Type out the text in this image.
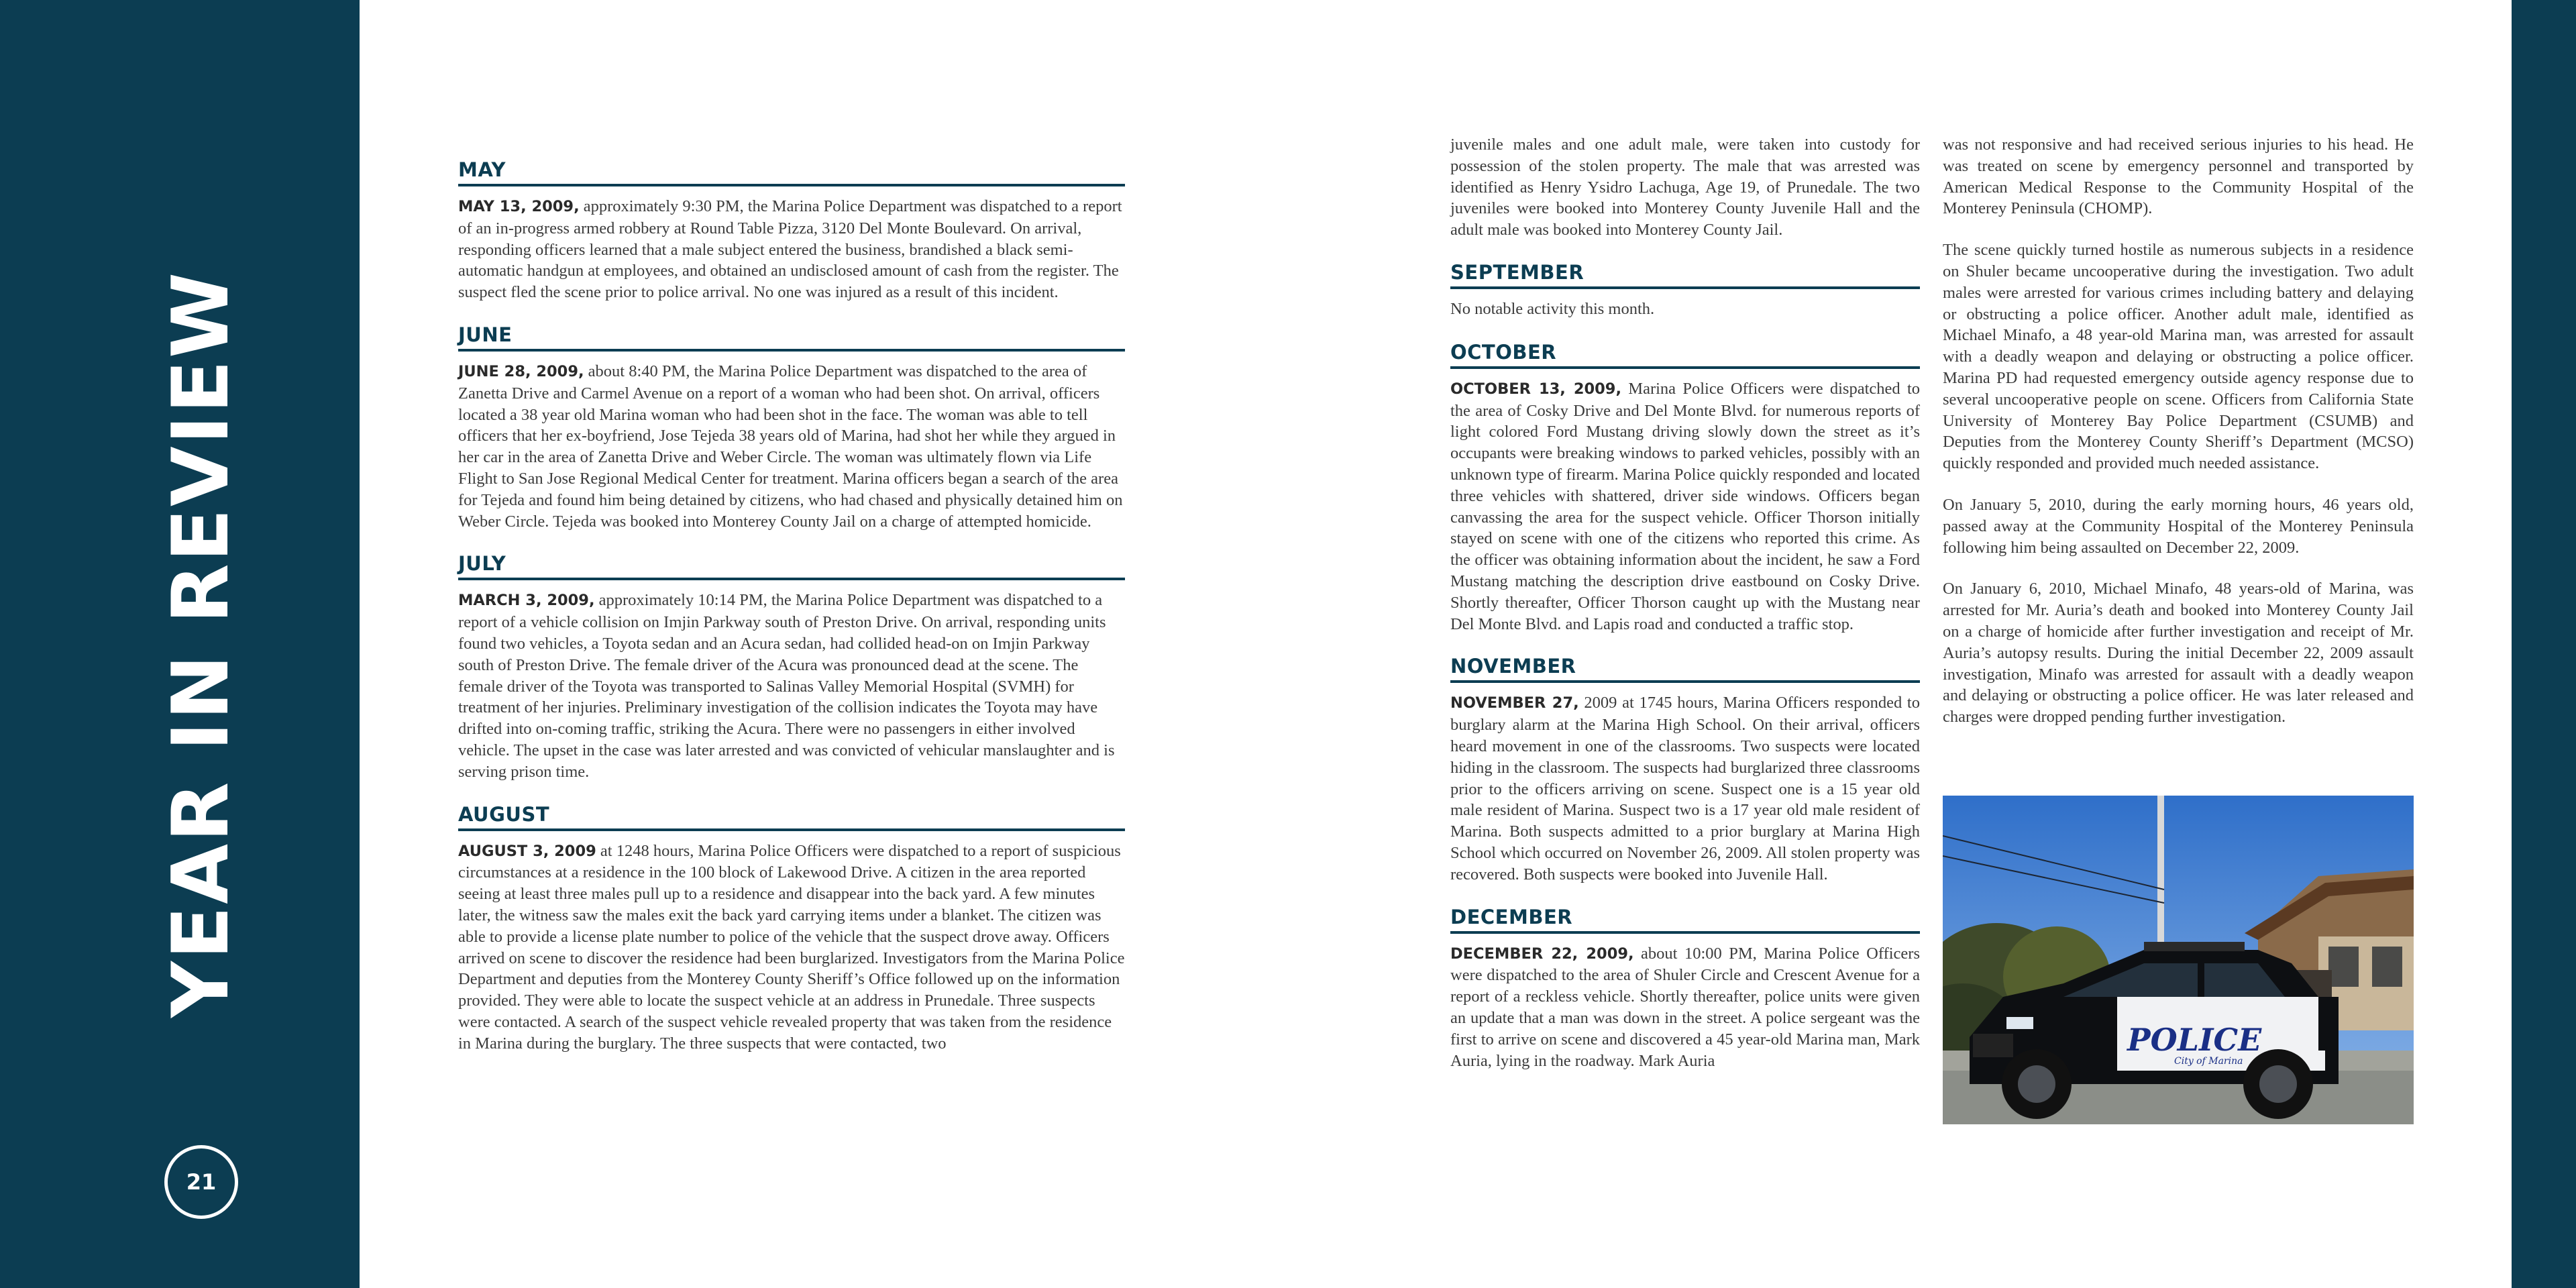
YEAR IN REVIEW
21
MAY

MAY 13, 2009, approximately 9:30 PM, the Marina Police Department was dispatched to a report of an in-progress armed robbery at Round Table Pizza, 3120 Del Monte Boulevard. On arrival, responding officers learned that a male subject entered the business, brandished a black semi-automatic handgun at employees, and obtained an undisclosed amount of cash from the register. The suspect fled the scene prior to police arrival. No one was injured as a result of this incident.

JUNE

JUNE 28, 2009, about 8:40 PM, the Marina Police Department was dispatched to the area of Zanetta Drive and Carmel Avenue on a report of a woman who had been shot. On arrival, officers located a 38 year old Marina woman who had been shot in the face. The woman was able to tell officers that her ex-boyfriend, Jose Tejeda 38 years old of Marina, had shot her while they argued in her car in the area of Zanetta Drive and Weber Circle. The woman was ultimately flown via Life Flight to San Jose Regional Medical Center for treatment. Marina officers began a search of the area for Tejeda and found him being detained by citizens, who had chased and physically detained him on Weber Circle. Tejeda was booked into Monterey County Jail on a charge of attempted homicide.

JULY

MARCH 3, 2009, approximately 10:14 PM, the Marina Police Department was dispatched to a report of a vehicle collision on Imjin Parkway south of Preston Drive. On arrival, responding units found two vehicles, a Toyota sedan and an Acura sedan, had collided head-on on Imjin Parkway south of Preston Drive. The female driver of the Acura was pronounced dead at the scene. The female driver of the Toyota was transported to Salinas Valley Memorial Hospital (SVMH) for treatment of her injuries. Preliminary investigation of the collision indicates the Toyota may have drifted into on-coming traffic, striking the Acura. There were no passengers in either involved vehicle. The upset in the case was later arrested and was convicted of vehicular manslaughter and is serving prison time.

AUGUST

AUGUST 3, 2009 at 1248 hours, Marina Police Officers were dispatched to a report of suspicious circumstances at a residence in the 100 block of Lakewood Drive. A citizen in the area reported seeing at least three males pull up to a residence and disappear into the back yard. A few minutes later, the witness saw the males exit the back yard carrying items under a blanket. The citizen was able to provide a license plate number to police of the vehicle that the suspect drove away. Officers arrived on scene to discover the residence had been burglarized. Investigators from the Marina Police Department and deputies from the Monterey County Sheriff’s Office followed up on the information provided. They were able to locate the suspect vehicle at an address in Prunedale. Three suspects were contacted. A search of the suspect vehicle revealed property that was taken from the residence in Marina during the burglary. The three suspects that were contacted, two

juvenile males and one adult male, were taken into custody for possession of the stolen property. The male that was arrested was identified as Henry Ysidro Lachuga, Age 19, of Prunedale. The two juveniles were booked into Monterey County Juvenile Hall and the adult male was booked into Monterey County Jail.

SEPTEMBER

No notable activity this month.

OCTOBER

OCTOBER 13, 2009, Marina Police Officers were dispatched to the area of Cosky Drive and Del Monte Blvd. for numerous reports of light colored Ford Mustang driving slowly down the street as it’s occupants were breaking windows to parked vehicles, possibly with an unknown type of firearm. Marina Police quickly responded and located three vehicles with shattered, driver side windows. Officers began canvassing the area for the suspect vehicle. Officer Thorson initially stayed on scene with one of the citizens who reported this crime. As the officer was obtaining information about the incident, he saw a Ford Mustang matching the description drive eastbound on Cosky Drive. Shortly thereafter, Officer Thorson caught up with the Mustang near Del Monte Blvd. and Lapis road and conducted a traffic stop.

NOVEMBER

NOVEMBER 27, 2009 at 1745 hours, Marina Officers responded to burglary alarm at the Marina High School. On their arrival, officers heard movement in one of the classrooms. Two suspects were located hiding in the classroom. The suspects had burglarized three classrooms prior to the officers arriving on scene. Suspect one is a 15 year old male resident of Marina. Suspect two is a 17 year old male resident of Marina. Both suspects admitted to a prior burglary at Marina High School which occurred on November 26, 2009. All stolen property was recovered. Both suspects were booked into Juvenile Hall.

DECEMBER

DECEMBER 22, 2009, about 10:00 PM, Marina Police Officers were dispatched to the area of Shuler Circle and Crescent Avenue for a report of a reckless vehicle. Shortly thereafter, police units were given an update that a man was down in the street. A police sergeant was the first to arrive on scene and discovered a 45 year-old Marina man, Mark Auria, lying in the roadway. Mark Auria

was not responsive and had received serious injuries to his head. He was treated on scene by emergency personnel and transported by American Medical Response to the Community Hospital of the Monterey Peninsula (CHOMP).

The scene quickly turned hostile as numerous subjects in a residence on Shuler became uncooperative during the investigation. Two adult males were arrested for various crimes including battery and delaying or obstructing a police officer. Another adult male, identified as Michael Minafo, a 48 year-old Marina man, was arrested for assault with a deadly weapon and delaying or obstructing a police officer. Marina PD had requested emergency outside agency response due to several uncooperative people on scene. Officers from California State University of Monterey Bay Police Department (CSUMB) and Deputies from the Monterey County Sheriff’s Department (MCSO) quickly responded and provided much needed assistance.

On January 5, 2010, during the early morning hours, 46 years old, passed away at the Community Hospital of the Monterey Peninsula following him being assaulted on December 22, 2009.

On January 6, 2010, Michael Minafo, 48 years-old of Marina, was arrested for Mr. Auria’s death and booked into Monterey County Jail on a charge of homicide after further investigation and receipt of Mr. Auria’s autopsy results. During the initial December 22, 2009 assault investigation, Minafo was arrested for assault with a deadly weapon and delaying or obstructing a police officer. He was later released and charges were dropped pending further investigation.

POLICE
City of Marina
